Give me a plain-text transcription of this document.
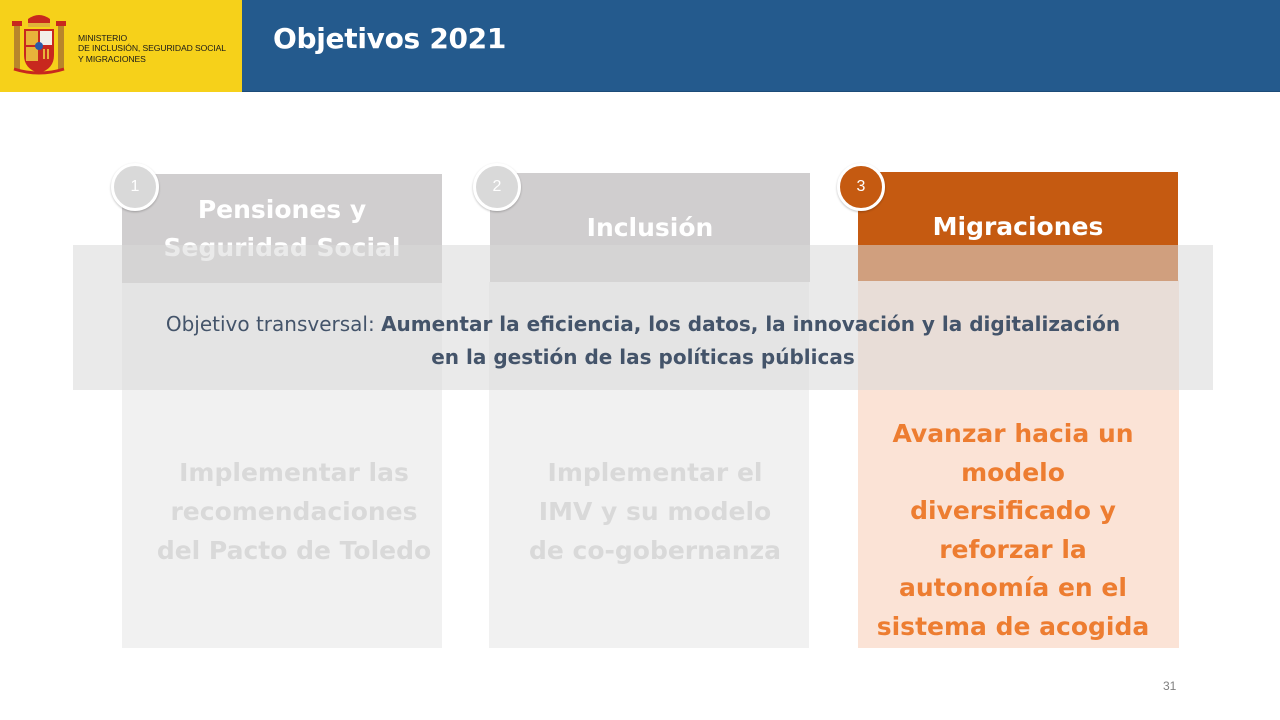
MINISTERIO
DE INCLUSIÓN, SEGURIDAD SOCIAL
Y MIGRACIONES
Objetivos 2021
Pensiones y

Inclusión	Migraciones
1	2	3
Objetivo transversal: Aumentar la eficiencia, los datos, la innovación y la digitalización
en la gestión de las políticas públicas
Implementar las
recomendaciones
del Pacto de Toledo
Implementar el
IMV y su modelo
de co-gobernanza
Avanzar hacia un
modelo
diversificado y
reforzar la
autonomía en el
sistema de acogida
31
